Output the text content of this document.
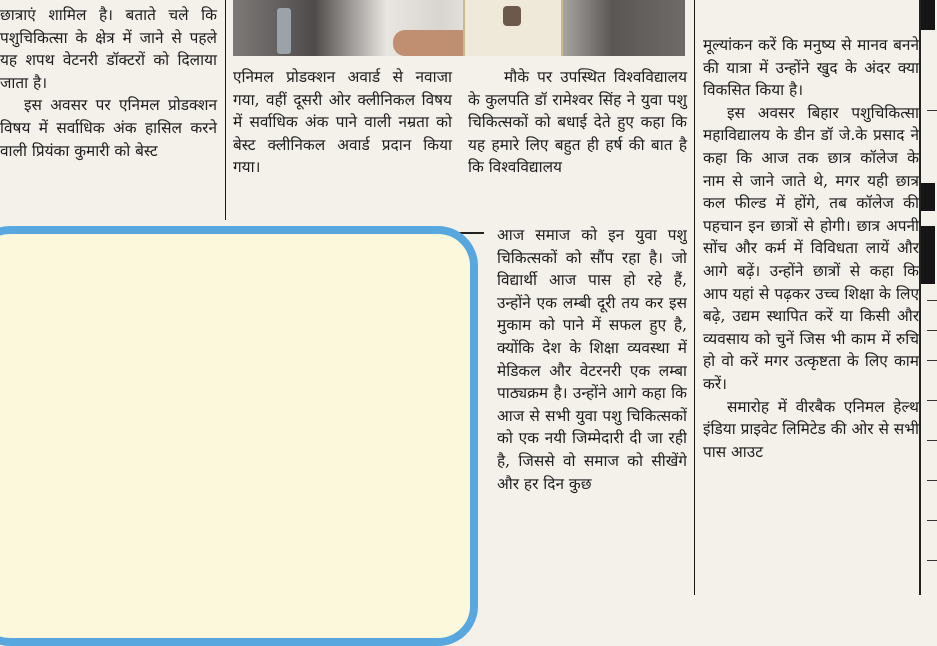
छात्राएं शामिल है। बताते चले कि पशुचिकित्सा के क्षेत्र में जाने से पहले यह शपथ वेटनरी डॉक्टरों को दिलाया जाता है।

इस अवसर पर एनिमल प्रोडक्शन विषय में सर्वाधिक अंक हासिल करने वाली प्रियंका कुमारी को बेस्ट

एनिमल प्रोडक्शन अवार्ड से नवाजा गया, वहीं दूसरी ओर क्लीनिकल विषय में सर्वाधिक अंक पाने वाली नम्रता को बेस्ट क्लीनिकल अवार्ड प्रदान किया गया।

मौके पर उपस्थित विश्वविद्यालय के कुलपति डॉ रामेश्वर सिंह ने युवा पशु चिकित्सकों को बधाई देते हुए कहा कि यह हमारे लिए बहुत ही हर्ष की बात है कि विश्वविद्यालय

आज समाज को इन युवा पशु चिकित्सकों को सौंप रहा है। जो विद्यार्थी आज पास हो रहे हैं, उन्होंने एक लम्बी दूरी तय कर इस मुकाम को पाने में सफल हुए है, क्योंकि देश के शिक्षा व्यवस्था में मेडिकल और वेटरनरी एक लम्बा पाठ्यक्रम है। उन्होंने आगे कहा कि आज से सभी युवा पशु चिकित्सकों को एक नयी जिम्मेदारी दी जा रही है, जिससे वो समाज को सीखेंगे और हर दिन कुछ

मूल्यांकन करें कि मनुष्य से मानव बनने की यात्रा में उन्होंने खुद के अंदर क्या विकसित किया है।

इस अवसर बिहार पशुचिकित्सा महाविद्यालय के डीन डॉ जे.के प्रसाद ने कहा कि आज तक छात्र कॉलेज के नाम से जाने जाते थे, मगर यही छात्र कल फील्ड में होंगे, तब कॉलेज की पहचान इन छात्रों से होगी। छात्र अपनी सोंच और कर्म में विविधता लायें और आगे बढ़ें। उन्होंने छात्रों से कहा कि आप यहां से पढ़कर उच्च शिक्षा के लिए बढ़े, उद्यम स्थापित करें या किसी और व्यवसाय को चुनें जिस भी काम में रुचि हो वो करें मगर उत्कृष्टता के लिए काम करें।

समारोह में वीरबैक एनिमल हेल्थ इंडिया प्राइवेट लिमिटेड की ओर से सभी पास आउट
